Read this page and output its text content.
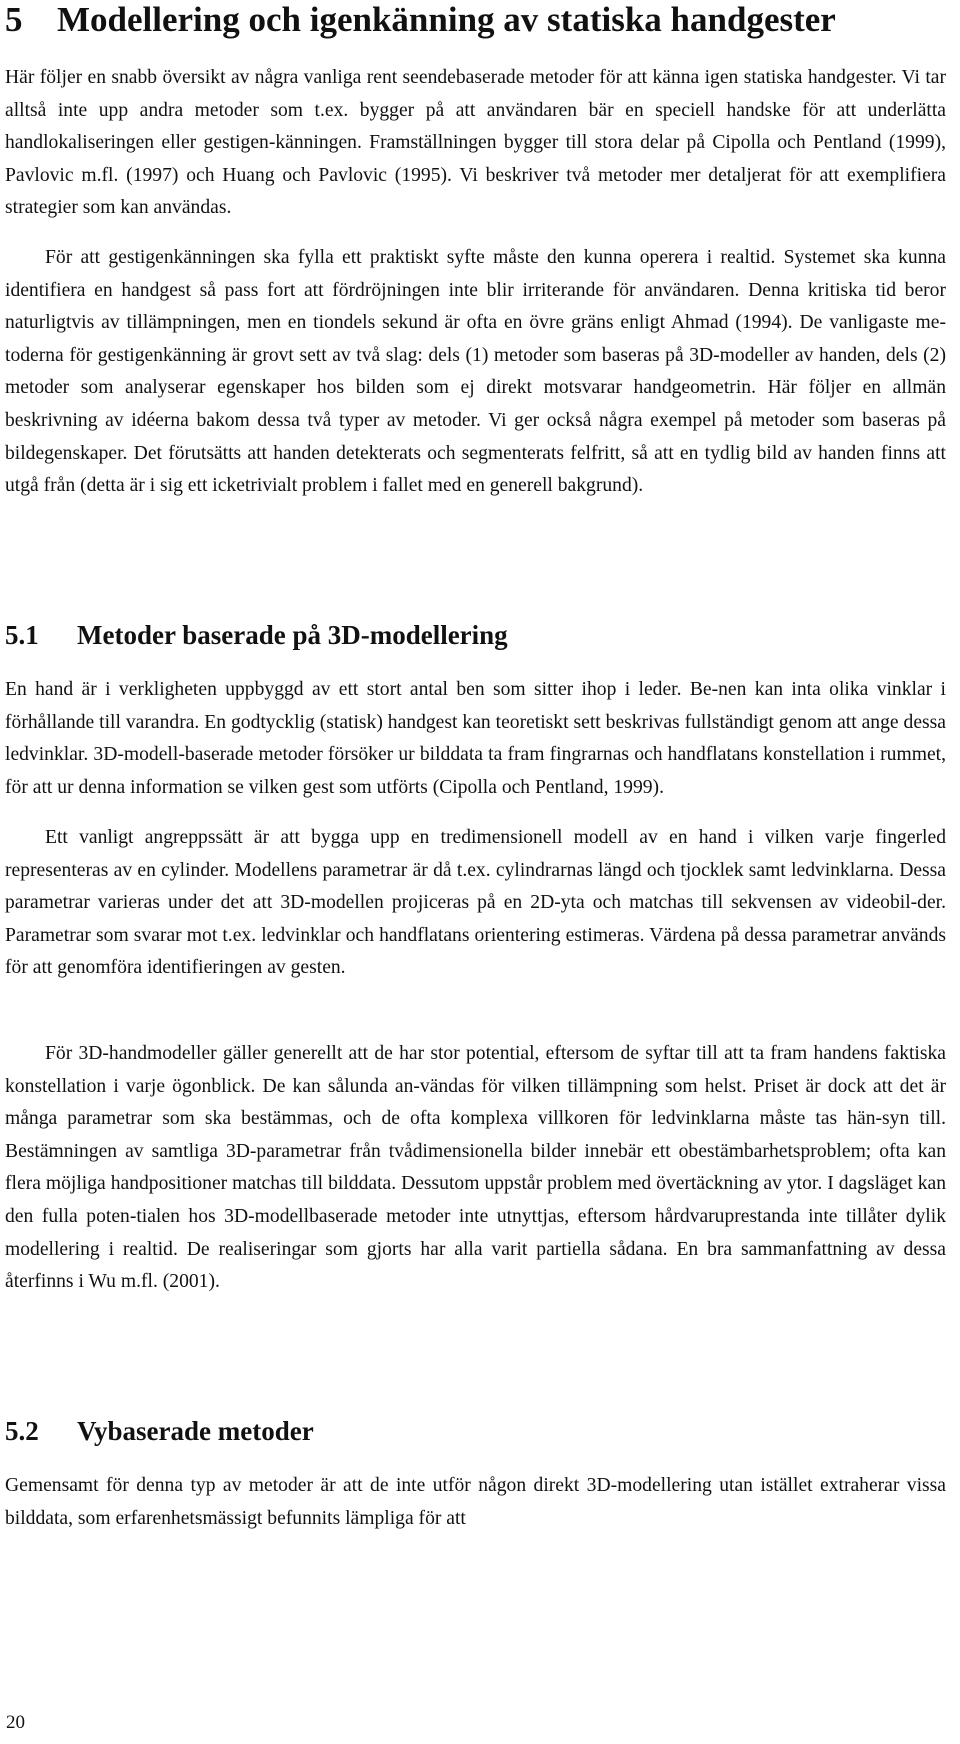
5 Modellering och igenkänning av statiska handgester

Här följer en snabb översikt av några vanliga rent seendebaserade metoder för att känna igen statiska handgester. Vi tar alltså inte upp andra metoder som t.ex. bygger på att användaren bär en speciell handske för att underlätta handlokaliseringen eller gestigen-känningen. Framställningen bygger till stora delar på Cipolla och Pentland (1999), Pavlovic m.fl. (1997) och Huang och Pavlovic (1995). Vi beskriver två metoder mer detaljerat för att exemplifiera strategier som kan användas.

För att gestigenkänningen ska fylla ett praktiskt syfte måste den kunna operera i realtid. Systemet ska kunna identifiera en handgest så pass fort att fördröjningen inte blir irriterande för användaren. Denna kritiska tid beror naturligtvis av tillämpningen, men en tiondels sekund är ofta en övre gräns enligt Ahmad (1994). De vanligaste me-toderna för gestigenkänning är grovt sett av två slag: dels (1) metoder som baseras på 3D-modeller av handen, dels (2) metoder som analyserar egenskaper hos bilden som ej direkt motsvarar handgeometrin. Här följer en allmän beskrivning av idéerna bakom dessa två typer av metoder. Vi ger också några exempel på metoder som baseras på bildegenskaper. Det förutsätts att handen detekterats och segmenterats felfritt, så att en tydlig bild av handen finns att utgå från (detta är i sig ett icketrivialt problem i fallet med en generell bakgrund).

5.1 Metoder baserade på 3D-modellering

En hand är i verkligheten uppbyggd av ett stort antal ben som sitter ihop i leder. Be-nen kan inta olika vinklar i förhållande till varandra. En godtycklig (statisk) handgest kan teoretiskt sett beskrivas fullständigt genom att ange dessa ledvinklar. 3D-modell-baserade metoder försöker ur bilddata ta fram fingrarnas och handflatans konstellation i rummet, för att ur denna information se vilken gest som utförts (Cipolla och Pentland, 1999).

Ett vanligt angreppssätt är att bygga upp en tredimensionell modell av en hand i vilken varje fingerled representeras av en cylinder. Modellens parametrar är då t.ex. cylindrarnas längd och tjocklek samt ledvinklarna. Dessa parametrar varieras under det att 3D-modellen projiceras på en 2D-yta och matchas till sekvensen av videobil-der. Parametrar som svarar mot t.ex. ledvinklar och handflatans orientering estimeras. Värdena på dessa parametrar används för att genomföra identifieringen av gesten.

För 3D-handmodeller gäller generellt att de har stor potential, eftersom de syftar till att ta fram handens faktiska konstellation i varje ögonblick. De kan sålunda an-vändas för vilken tillämpning som helst. Priset är dock att det är många parametrar som ska bestämmas, och de ofta komplexa villkoren för ledvinklarna måste tas hän-syn till. Bestämningen av samtliga 3D-parametrar från tvådimensionella bilder innebär ett obestämbarhetsproblem; ofta kan flera möjliga handpositioner matchas till bilddata. Dessutom uppstår problem med övertäckning av ytor. I dagsläget kan den fulla poten-tialen hos 3D-modellbaserade metoder inte utnyttjas, eftersom hårdvaruprestanda inte tillåter dylik modellering i realtid. De realiseringar som gjorts har alla varit partiella sådana. En bra sammanfattning av dessa återfinns i Wu m.fl. (2001).

5.2 Vybaserade metoder

Gemensamt för denna typ av metoder är att de inte utför någon direkt 3D-modellering utan istället extraherar vissa bilddata, som erfarenhetsmässigt befunnits lämpliga för att

20
